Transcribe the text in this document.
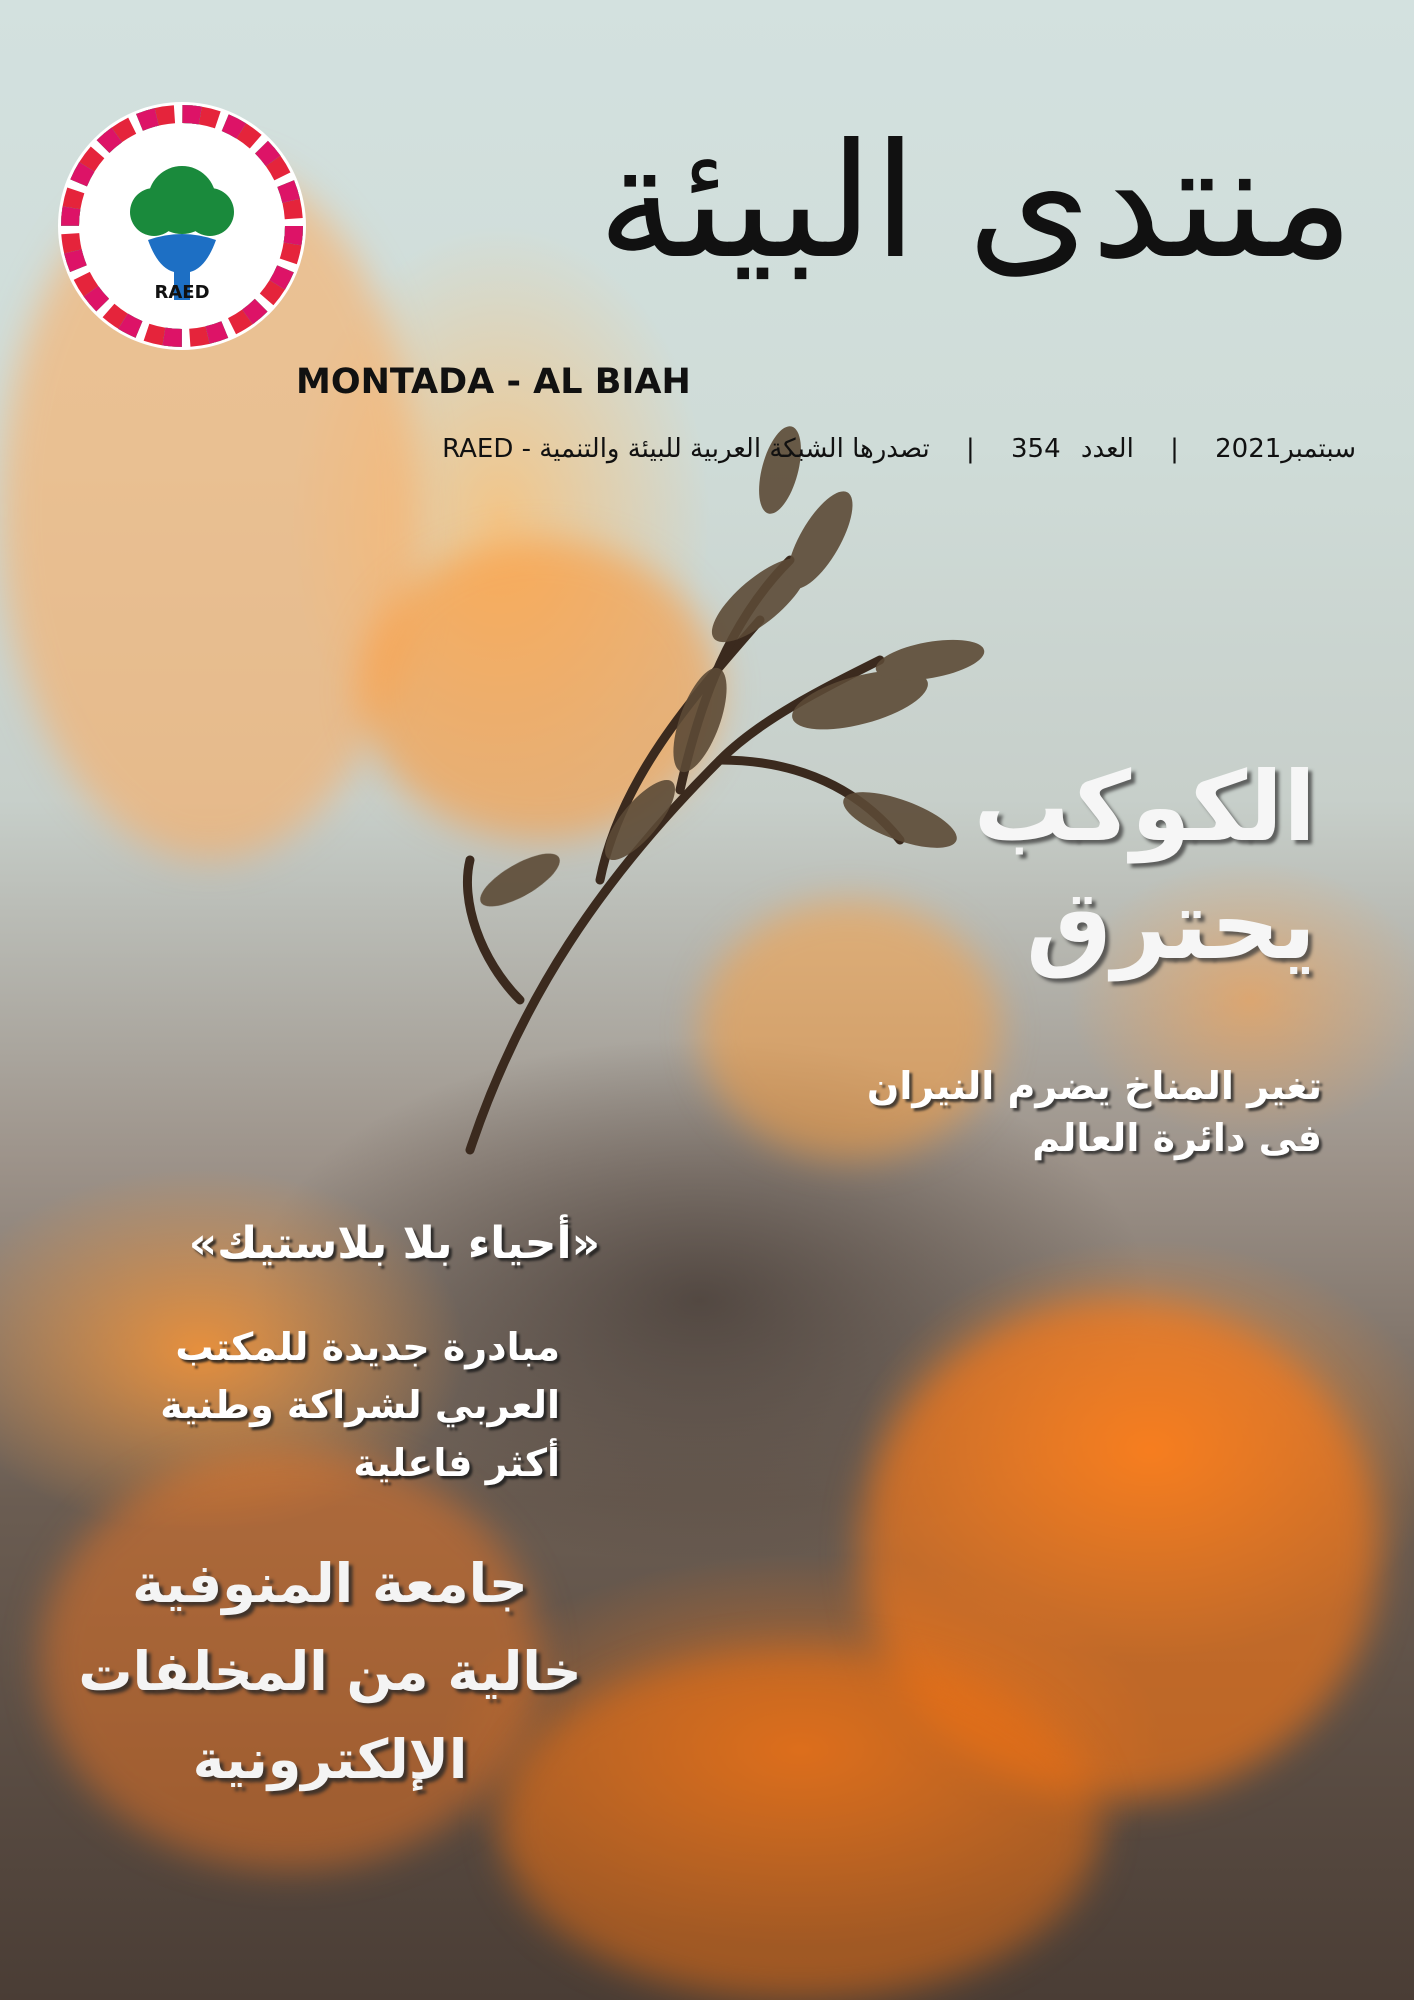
RAED منتدى البيئة
MONTADA - AL BIAH
سبتمبر2021 | العدد 354 | تصدرها الشبكة العربية للبيئة والتنمية - RAED
الكوكب
يحترق
تغير المناخ يضرم النيران
فى دائرة العالم
«أحياء بلا بلاستيك»
مبادرة جديدة للمكتب
العربي لشراكة وطنية
أكثر فاعلية
جامعة المنوفية
خالية من المخلفات
الإلكترونية
